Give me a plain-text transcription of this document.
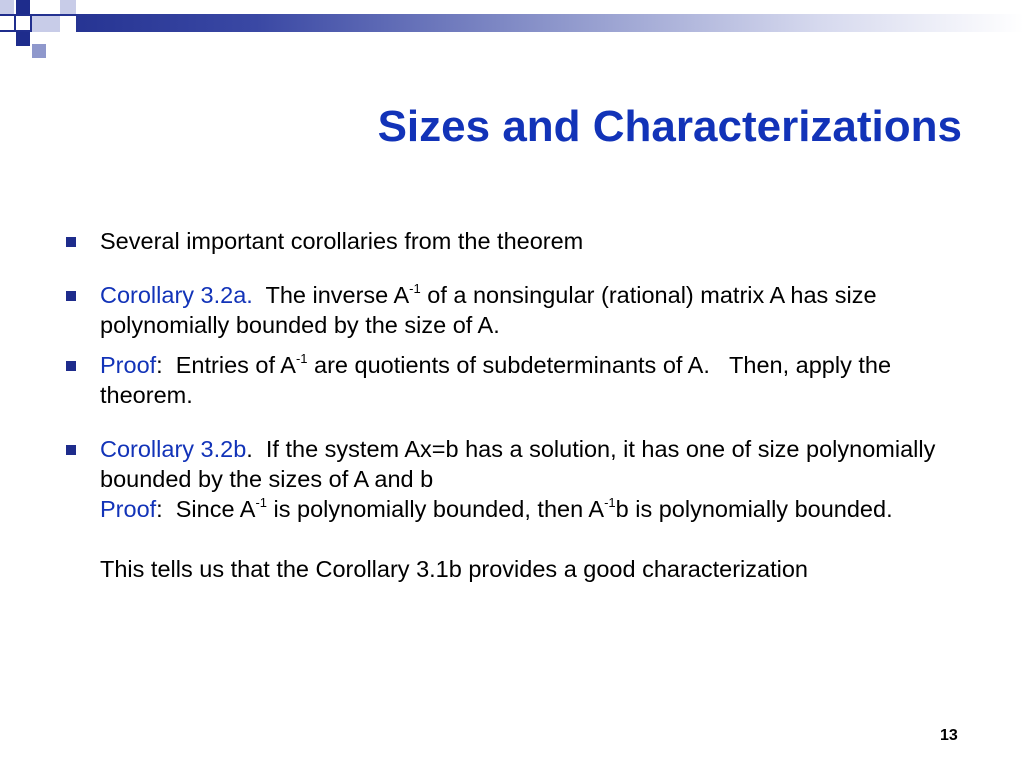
Sizes and Characterizations
Several important corollaries from the theorem
Corollary 3.2a.  The inverse $A^{-1}$ of a nonsingular (rational) matrix A has size polynomially bounded by the size of A.
Proof:  Entries of $A^{-1}$ are quotients of subdeterminants of A.   Then, apply the theorem.
Corollary 3.2b.  If the system Ax=b has a solution, it has one of size polynomially bounded by the sizes of A and b
Proof:  Since $A^{-1}$ is polynomially bounded, then $A^{-1}b$ is polynomially bounded.
This tells us that the Corollary 3.1b provides a good characterization
13
